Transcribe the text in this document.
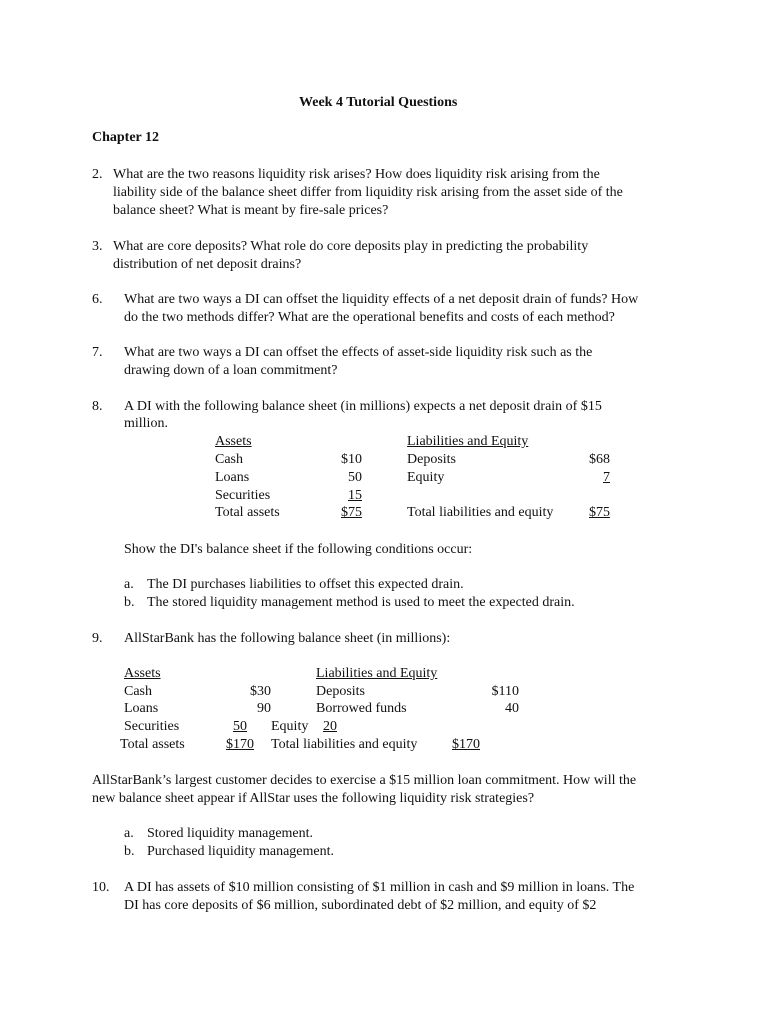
Week 4 Tutorial Questions
Chapter 12
2. What are the two reasons liquidity risk arises? How does liquidity risk arising from the
liability side of the balance sheet differ from liquidity risk arising from the asset side of the
balance sheet? What is meant by fire-sale prices?
3. What are core deposits? What role do core deposits play in predicting the probability
distribution of net deposit drains?
6. What are two ways a DI can offset the liquidity effects of a net deposit drain of funds? How
do the two methods differ? What are the operational benefits and costs of each method?
7. What are two ways a DI can offset the effects of asset-side liquidity risk such as the
drawing down of a loan commitment?
8. A DI with the following balance sheet (in millions) expects a net deposit drain of $15
million.
Assets	Liabilities and Equity
Cash	$10	Deposits	$68
Loans	50	Equity	7
Securities	15
Total assets	$75	Total liabilities and equity	$75
Show the DI's balance sheet if the following conditions occur:
a. The DI purchases liabilities to offset this expected drain.
b. The stored liquidity management method is used to meet the expected drain.
9. AllStarBank has the following balance sheet (in millions):
Assets	Liabilities and Equity
Cash	$30	Deposits	$110
Loans	90	Borrowed funds	40
Securities	50 Equity	20
Total assets	$170 Total liabilities and equity $170
AllStarBank’s largest customer decides to exercise a $15 million loan commitment. How will the
new balance sheet appear if AllStar uses the following liquidity risk strategies?
a. Stored liquidity management.
b. Purchased liquidity management.
10. A DI has assets of $10 million consisting of $1 million in cash and $9 million in loans. The
DI has core deposits of $6 million, subordinated debt of $2 million, and equity of $2
